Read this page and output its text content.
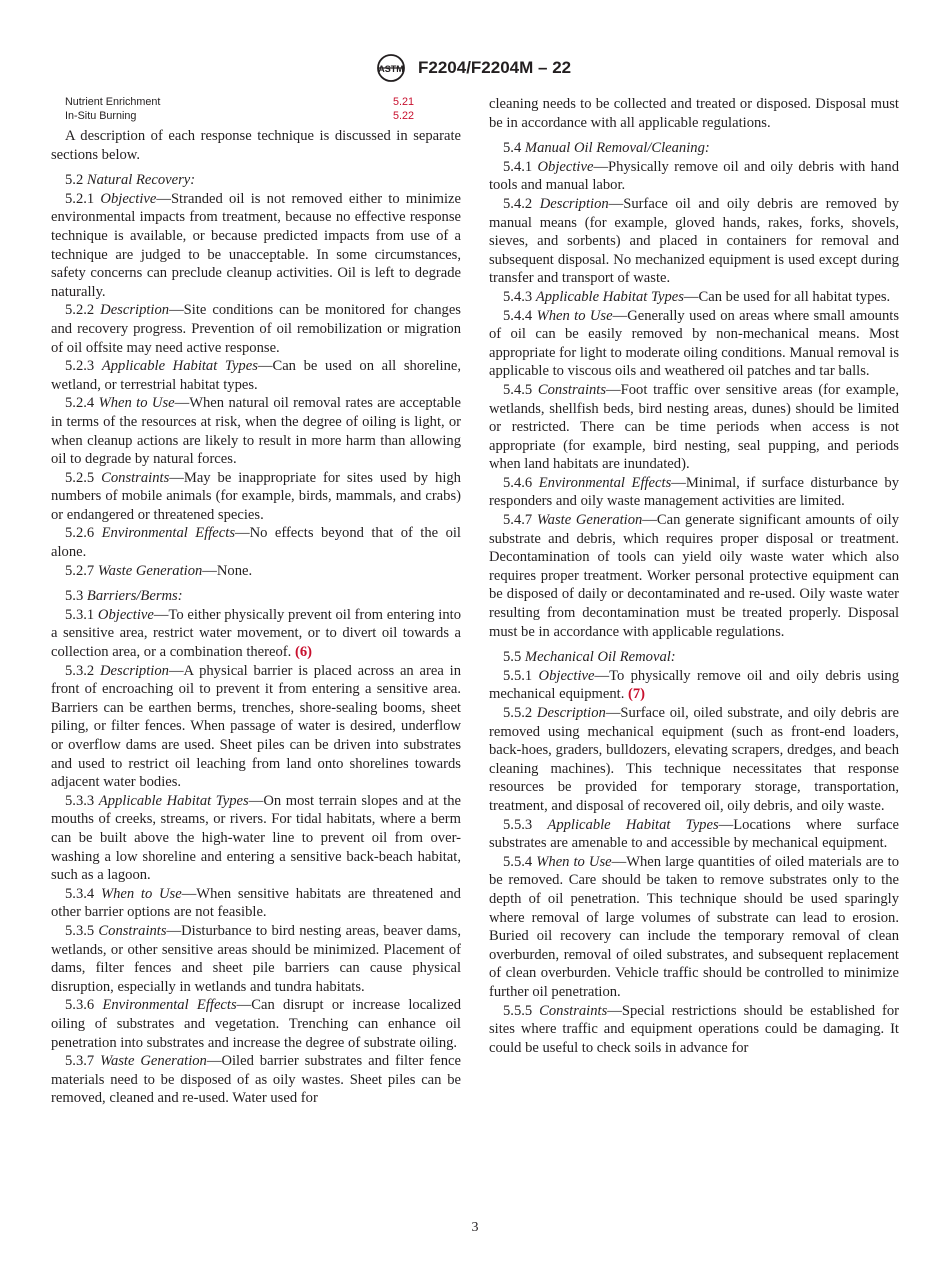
ASTM F2204/F2204M – 22
Nutrient Enrichment	5.21
In-Situ Burning	5.22

A description of each response technique is discussed in separate sections below.

5.2 Natural Recovery:

5.2.1 Objective—Stranded oil is not removed either to minimize environmental impacts from treatment, because no effective response technique is available, or because predicted impacts from use of a technique are judged to be unacceptable. In some circumstances, safety concerns can preclude cleanup activities. Oil is left to degrade naturally.

5.2.2 Description—Site conditions can be monitored for changes and recovery progress. Prevention of oil remobilization or migration of oil offsite may need active response.

5.2.3 Applicable Habitat Types—Can be used on all shoreline, wetland, or terrestrial habitat types.

5.2.4 When to Use—When natural oil removal rates are acceptable in terms of the resources at risk, when the degree of oiling is light, or when cleanup actions are likely to result in more harm than allowing oil to degrade by natural forces.

5.2.5 Constraints—May be inappropriate for sites used by high numbers of mobile animals (for example, birds, mammals, and crabs) or endangered or threatened species.

5.2.6 Environmental Effects—No effects beyond that of the oil alone.

5.2.7 Waste Generation—None.

5.3 Barriers/Berms:

5.3.1 Objective—To either physically prevent oil from entering into a sensitive area, restrict water movement, or to divert oil towards a collection area, or a combination thereof. (6)

5.3.2 Description—A physical barrier is placed across an area in front of encroaching oil to prevent it from entering a sensitive area. Barriers can be earthen berms, trenches, shore-sealing booms, sheet piling, or filter fences. When passage of water is desired, underflow or overflow dams are used. Sheet piles can be driven into substrates and used to restrict oil leaching from land onto shorelines towards adjacent water bodies.

5.3.3 Applicable Habitat Types—On most terrain slopes and at the mouths of creeks, streams, or rivers. For tidal habitats, where a berm can be built above the high-water line to prevent oil from over-washing a low shoreline and entering a sensitive back-beach habitat, such as a lagoon.

5.3.4 When to Use—When sensitive habitats are threatened and other barrier options are not feasible.

5.3.5 Constraints—Disturbance to bird nesting areas, beaver dams, wetlands, or other sensitive areas should be minimized. Placement of dams, filter fences and sheet pile barriers can cause physical disruption, especially in wetlands and tundra habitats.

5.3.6 Environmental Effects—Can disrupt or increase localized oiling of substrates and vegetation. Trenching can enhance oil penetration into substrates and increase the degree of substrate oiling.

5.3.7 Waste Generation—Oiled barrier substrates and filter fence materials need to be disposed of as oily wastes. Sheet piles can be removed, cleaned and re-used. Water used for

cleaning needs to be collected and treated or disposed. Disposal must be in accordance with all applicable regulations.

5.4 Manual Oil Removal/Cleaning:

5.4.1 Objective—Physically remove oil and oily debris with hand tools and manual labor.

5.4.2 Description—Surface oil and oily debris are removed by manual means (for example, gloved hands, rakes, forks, shovels, sieves, and sorbents) and placed in containers for removal and subsequent disposal. No mechanized equipment is used except during transfer and transport of waste.

5.4.3 Applicable Habitat Types—Can be used for all habitat types.

5.4.4 When to Use—Generally used on areas where small amounts of oil can be easily removed by non-mechanical means. Most appropriate for light to moderate oiling conditions. Manual removal is applicable to viscous oils and weathered oil patches and tar balls.

5.4.5 Constraints—Foot traffic over sensitive areas (for example, wetlands, shellfish beds, bird nesting areas, dunes) should be limited or restricted. There can be time periods when access is not appropriate (for example, bird nesting, seal pupping, and periods when land habitats are inundated).

5.4.6 Environmental Effects—Minimal, if surface disturbance by responders and oily waste management activities are limited.

5.4.7 Waste Generation—Can generate significant amounts of oily substrate and debris, which requires proper disposal or treatment. Decontamination of tools can yield oily waste water which also requires proper treatment. Worker personal protective equipment can be disposed of daily or decontaminated and re-used. Oily waste water resulting from decontamination must be treated properly. Disposal must be in accordance with applicable regulations.

5.5 Mechanical Oil Removal:

5.5.1 Objective—To physically remove oil and oily debris using mechanical equipment. (7)

5.5.2 Description—Surface oil, oiled substrate, and oily debris are removed using mechanical equipment (such as front-end loaders, back-hoes, graders, bulldozers, elevating scrapers, dredges, and beach cleaning machines). This technique necessitates that response resources be provided for temporary storage, transportation, treatment, and disposal of recovered oil, oily debris, and oily waste.

5.5.3 Applicable Habitat Types—Locations where surface substrates are amenable to and accessible by mechanical equipment.

5.5.4 When to Use—When large quantities of oiled materials are to be removed. Care should be taken to remove substrates only to the depth of oil penetration. This technique should be used sparingly where removal of large volumes of substrate can lead to erosion. Buried oil recovery can include the temporary removal of clean overburden, removal of oiled substrates, and subsequent replacement of clean overburden. Vehicle traffic should be controlled to minimize further oil penetration.

5.5.5 Constraints—Special restrictions should be established for sites where traffic and equipment operations could be damaging. It could be useful to check soils in advance for

3
